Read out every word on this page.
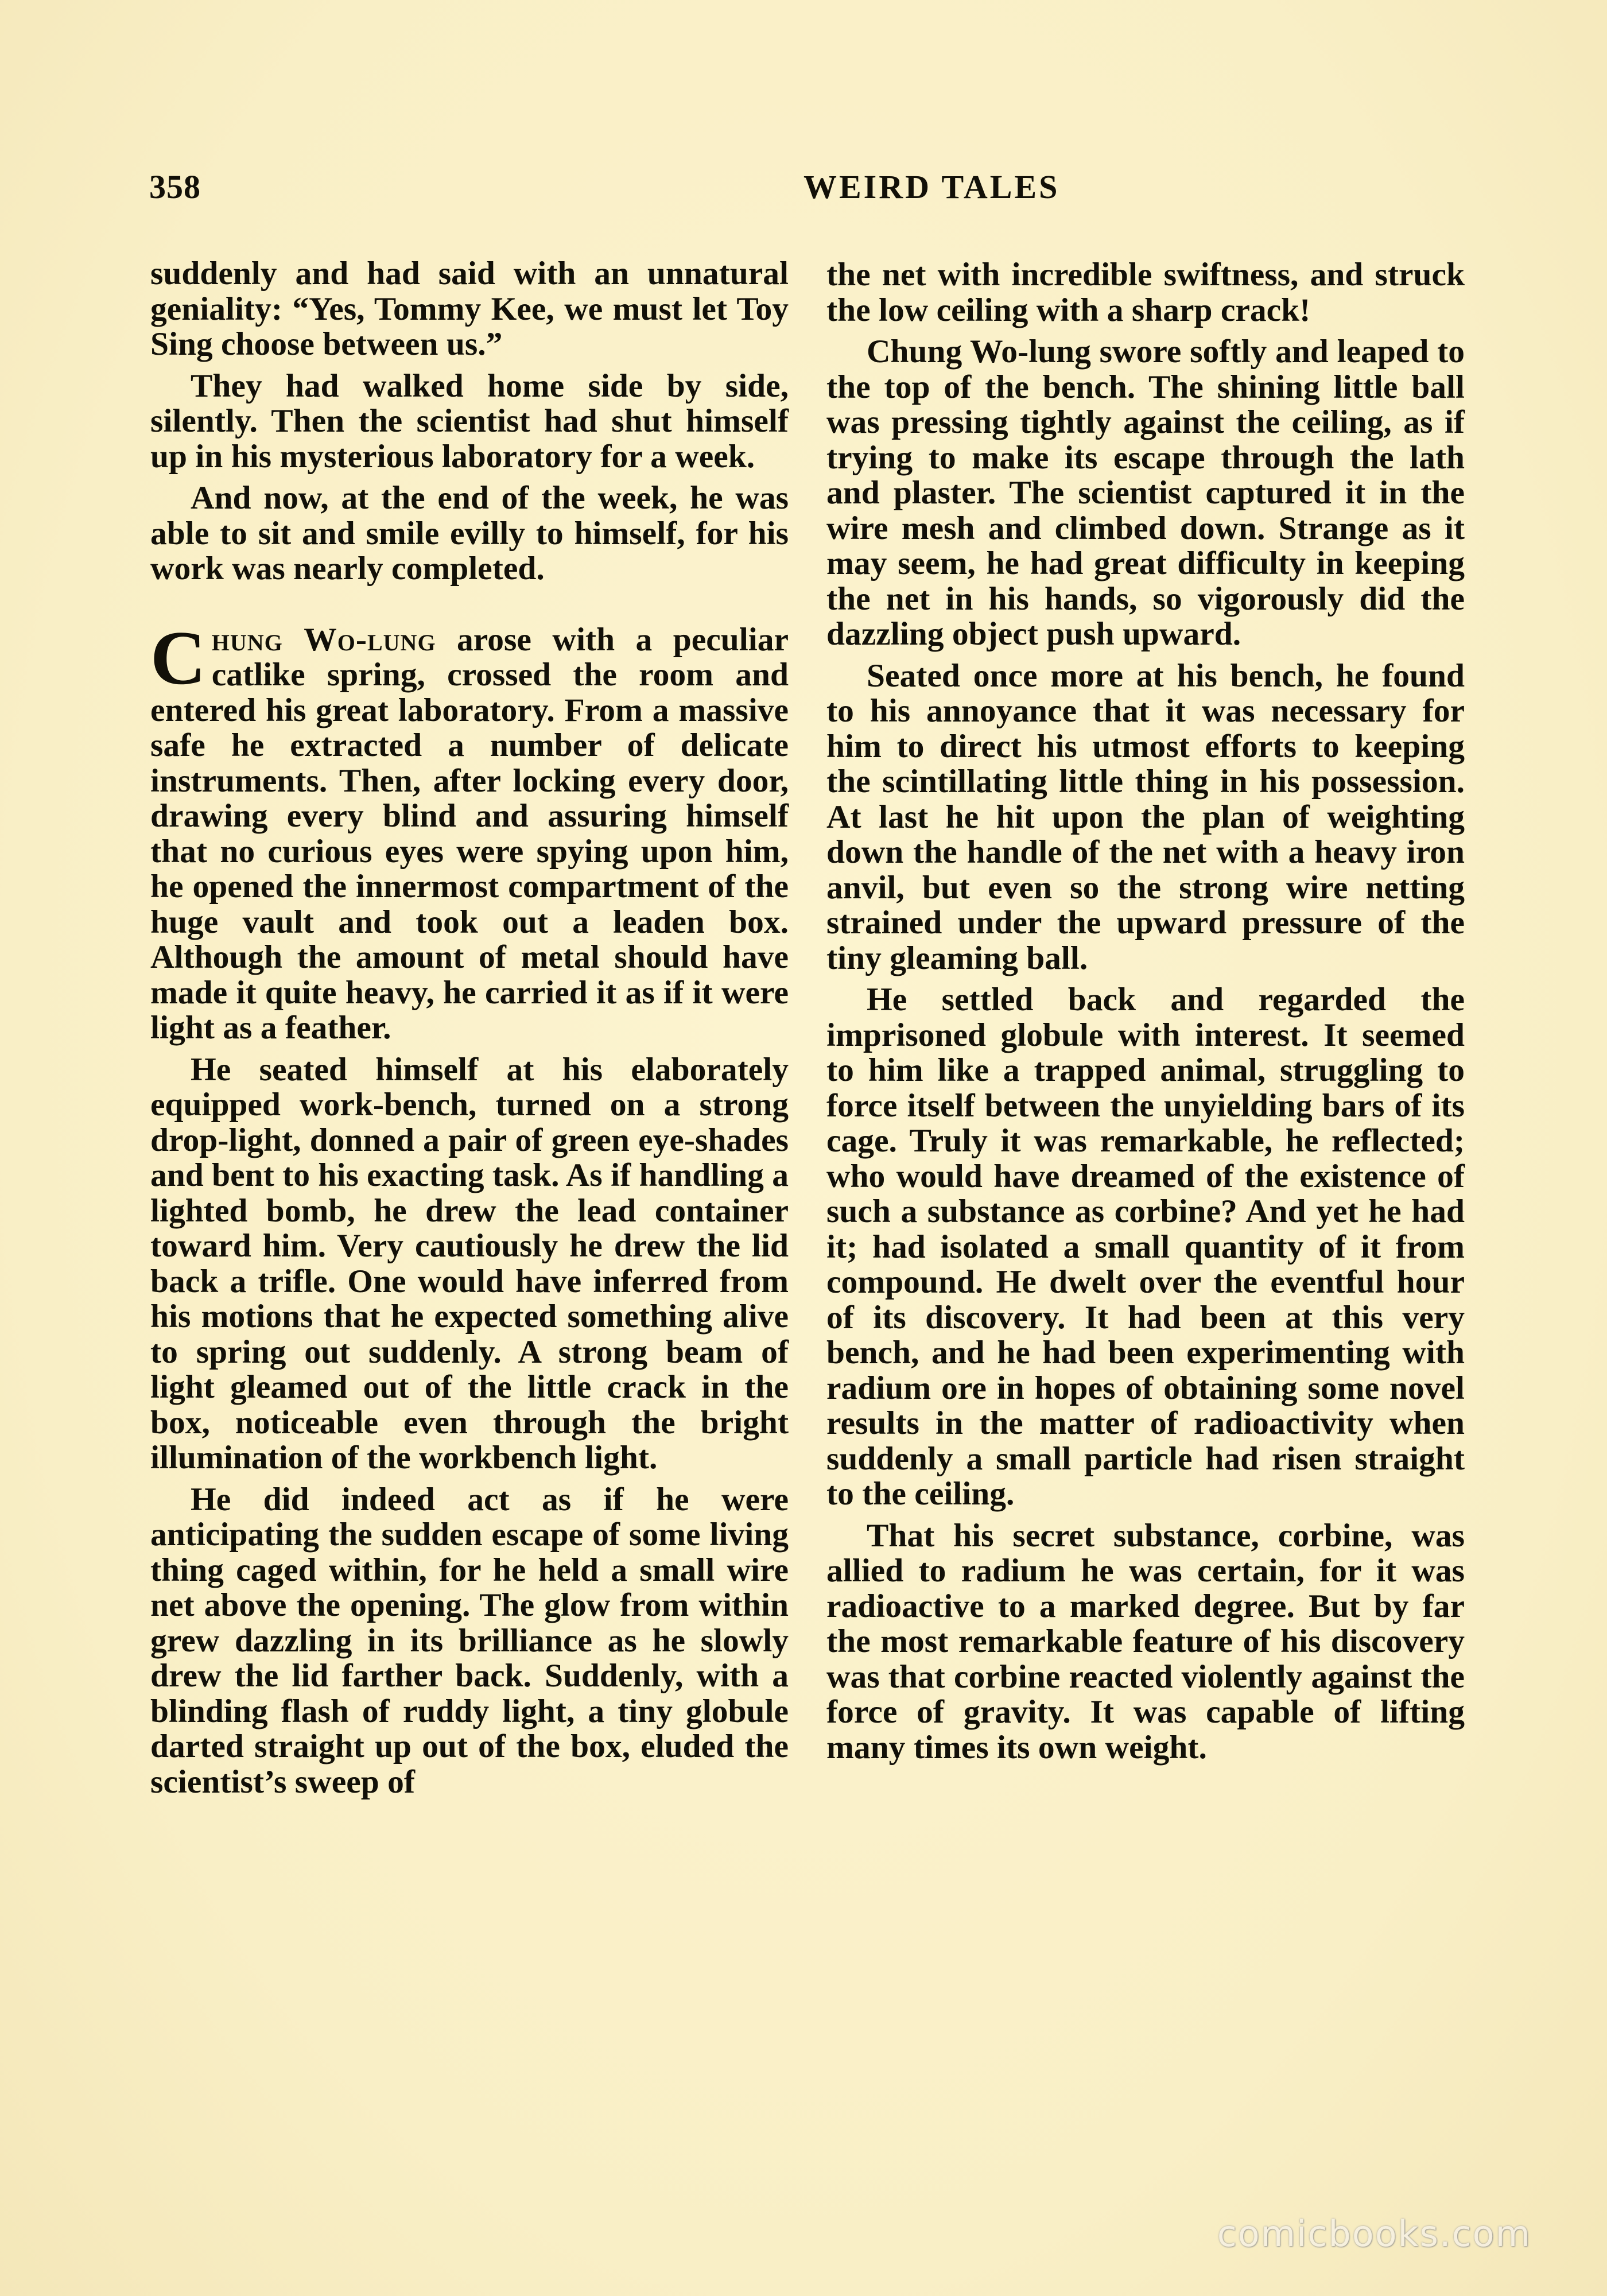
358	WEIRD TALES

suddenly and had said with an unnatural geniality: “Yes, Tommy Kee, we must let Toy Sing choose between us.”

They had walked home side by side, silently. Then the scientist had shut himself up in his mysterious laboratory for a week.

And now, at the end of the week, he was able to sit and smile evilly to himself, for his work was nearly completed.

Chung Wo-lung arose with a peculiar catlike spring, crossed the room and entered his great laboratory. From a massive safe he extracted a number of delicate instruments. Then, after locking every door, drawing every blind and assuring himself that no curious eyes were spying upon him, he opened the innermost compartment of the huge vault and took out a leaden box. Although the amount of metal should have made it quite heavy, he carried it as if it were light as a feather.

He seated himself at his elaborately equipped work-bench, turned on a strong drop-light, donned a pair of green eye-shades and bent to his exacting task. As if handling a lighted bomb, he drew the lead container toward him. Very cautiously he drew the lid back a trifle. One would have inferred from his motions that he expected something alive to spring out suddenly. A strong beam of light gleamed out of the little crack in the box, noticeable even through the bright illumination of the workbench light.

He did indeed act as if he were anticipating the sudden escape of some living thing caged within, for he held a small wire net above the opening. The glow from within grew dazzling in its brilliance as he slowly drew the lid farther back. Suddenly, with a blinding flash of ruddy light, a tiny globule darted straight up out of the box, eluded the scientist’s sweep of

the net with incredible swiftness, and struck the low ceiling with a sharp crack!

Chung Wo-lung swore softly and leaped to the top of the bench. The shining little ball was pressing tightly against the ceiling, as if trying to make its escape through the lath and plaster. The scientist captured it in the wire mesh and climbed down. Strange as it may seem, he had great difficulty in keeping the net in his hands, so vigorously did the dazzling object push upward.

Seated once more at his bench, he found to his annoyance that it was necessary for him to direct his utmost efforts to keeping the scintillating little thing in his possession. At last he hit upon the plan of weighting down the handle of the net with a heavy iron anvil, but even so the strong wire netting strained under the upward pressure of the tiny gleaming ball.

He settled back and regarded the imprisoned globule with interest. It seemed to him like a trapped animal, struggling to force itself between the unyielding bars of its cage. Truly it was remarkable, he reflected; who would have dreamed of the existence of such a substance as corbine? And yet he had it; had isolated a small quantity of it from compound. He dwelt over the eventful hour of its discovery. It had been at this very bench, and he had been experimenting with radium ore in hopes of obtaining some novel results in the matter of radioactivity when suddenly a small particle had risen straight to the ceiling.

That his secret substance, corbine, was allied to radium he was certain, for it was radioactive to a marked degree. But by far the most remarkable feature of his discovery was that corbine reacted violently against the force of gravity. It was capable of lifting many times its own weight.

comicbooks.com
